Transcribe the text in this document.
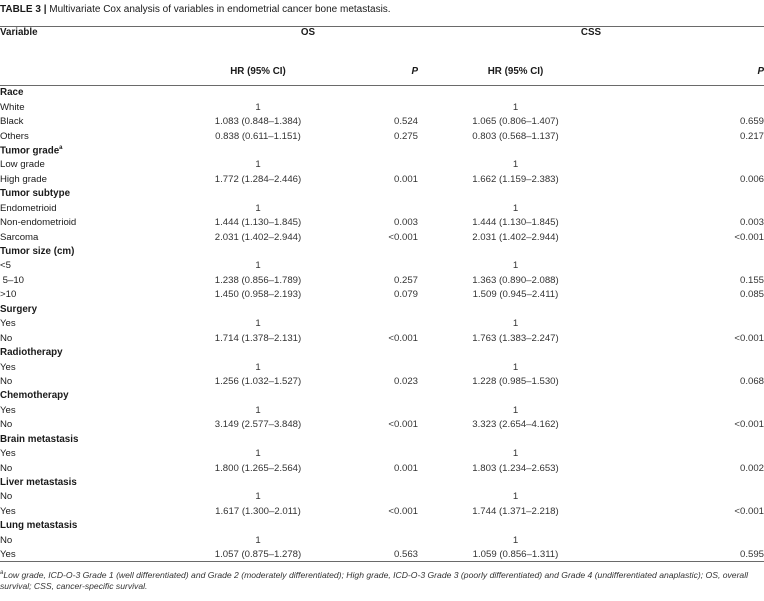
TABLE 3 | Multivariate Cox analysis of variables in endometrial cancer bone metastasis.
Variable	OS		CSS	
	HR (95% CI)	P	HR (95% CI)	P
Race				
White	1		1	
Black	1.083 (0.848–1.384)	0.524	1.065 (0.806–1.407)	0.659
Others	0.838 (0.611–1.151)	0.275	0.803 (0.568–1.137)	0.217
Tumor grade$^a$
Low grade	1		1	
High grade	1.772 (1.284–2.446)	0.001	1.662 (1.159–2.383)	0.006
Tumor subtype				
Endometrioid	1		1	
Non-endometrioid	1.444 (1.130–1.845)	0.003	1.444 (1.130–1.845)	0.003
Sarcoma	2.031 (1.402–2.944)	<0.001	2.031 (1.402–2.944)	<0.001
Tumor size (cm)				
<5	1		1	
5–10	1.238 (0.856–1.789)	0.257	1.363 (0.890–2.088)	0.155
>10	1.450 (0.958–2.193)	0.079	1.509 (0.945–2.411)	0.085
Surgery				
Yes	1		1	
No	1.714 (1.378–2.131)	<0.001	1.763 (1.383–2.247)	<0.001
Radiotherapy				
Yes	1		1	
No	1.256 (1.032–1.527)	0.023	1.228 (0.985–1.530)	0.068
Chemotherapy				
Yes	1		1	
No	3.149 (2.577–3.848)	<0.001	3.323 (2.654–4.162)	<0.001
Brain metastasis				
Yes	1		1	
No	1.800 (1.265–2.564)	0.001	1.803 (1.234–2.653)	0.002
Liver metastasis				
No	1		1	
Yes	1.617 (1.300–2.011)	<0.001	1.744 (1.371–2.218)	<0.001
Lung metastasis				
No	1		1	
Yes	1.057 (0.875–1.278)	0.563	1.059 (0.856–1.311)	0.595
$^a$Low grade, ICD-O-3 Grade 1 (well differentiated) and Grade 2 (moderately differentiated); High grade, ICD-O-3 Grade 3 (poorly differentiated) and Grade 4 (undifferentiated anaplastic); OS, overall survival; CSS, cancer-specific survival.
